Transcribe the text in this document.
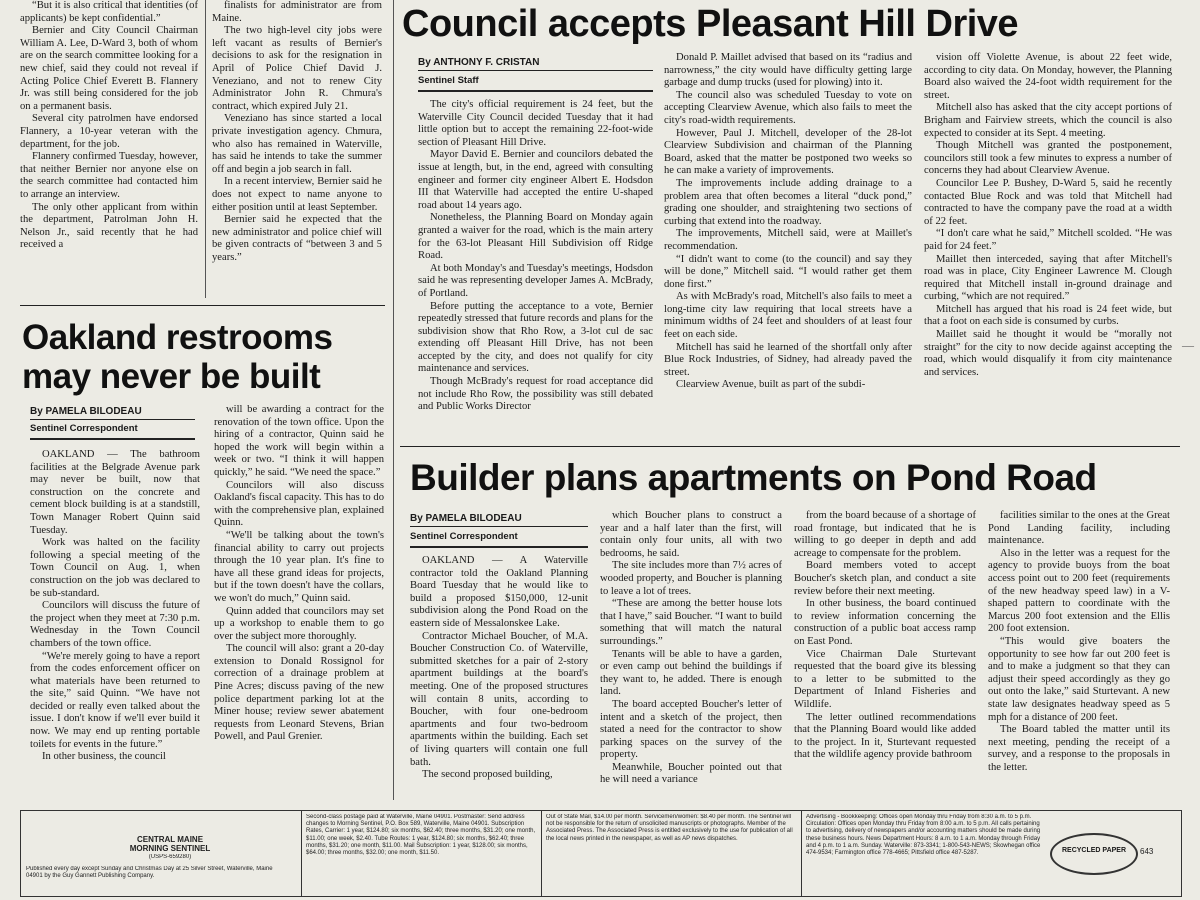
“But it is also critical that identities (of applicants) be kept confidential.”

Bernier and City Council Chairman William A. Lee, D-Ward 3, both of whom are on the search committee looking for a new chief, said they could not reveal if Acting Police Chief Everett B. Flannery Jr. was still being considered for the job on a permanent basis.

Several city patrolmen have endorsed Flannery, a 10-year veteran with the department, for the job.

Flannery confirmed Tuesday, however, that neither Bernier nor anyone else on the search committee had contacted him to arrange an interview.

The only other applicant from within the department, Patrolman John H. Nelson Jr., said recently that he had received a

finalists for administrator are from Maine.

The two high-level city jobs were left vacant as results of Bernier's decisions to ask for the resignation in April of Police Chief David J. Veneziano, and not to renew City Administrator John R. Chmura's contract, which expired July 21.

Veneziano has since started a local private investigation agency. Chmura, who also has remained in Waterville, has said he intends to take the summer off and begin a job search in fall.

In a recent interview, Bernier said he does not expect to name anyone to either position until at least September.

Bernier said he expected that the new administrator and police chief will be given contracts of “between 3 and 5 years.”

Oakland restrooms
may never be built
By PAMELA BILODEAU
Sentinel Correspondent

OAKLAND — The bathroom facilities at the Belgrade Avenue park may never be built, now that construction on the concrete and cement block building is at a standstill, Town Manager Robert Quinn said Tuesday.

Work was halted on the facility following a special meeting of the Town Council on Aug. 1, when construction on the job was declared to be sub-standard.

Councilors will discuss the future of the project when they meet at 7:30 p.m. Wednesday in the Town Council chambers of the town office.

“We're merely going to have a report from the codes enforcement officer on what materials have been returned to the site,” said Quinn. “We have not decided or really even talked about the issue. I don't know if we'll ever build it now. We may end up renting portable toilets for events in the future.”

In other business, the council

will be awarding a contract for the renovation of the town office. Upon the hiring of a contractor, Quinn said he hoped the work will begin within a week or two. “I think it will happen quickly,” he said. “We need the space.”

Councilors will also discuss Oakland's fiscal capacity. This has to do with the comprehensive plan, explained Quinn.

“We'll be talking about the town's financial ability to carry out projects through the 10 year plan. It's fine to have all these grand ideas for projects, but if the town doesn't have the collars, we won't do much,” Quinn said.

Quinn added that councilors may set up a workshop to enable them to go over the subject more thoroughly.

The council will also: grant a 20-day extension to Donald Rossignol for correction of a drainage problem at Pine Acres; discuss paving of the new police department parking lot at the Miner house; review sewer abatement requests from Leonard Stevens, Brian Powell, and Paul Grenier.

Council accepts Pleasant Hill Drive
By ANTHONY F. CRISTAN
Sentinel Staff

The city's official requirement is 24 feet, but the Waterville City Council decided Tuesday that it had little option but to accept the remaining 22-foot-wide section of Pleasant Hill Drive.

Mayor David E. Bernier and councilors debated the issue at length, but, in the end, agreed with consulting engineer and former city engineer Albert E. Hodsdon III that Waterville had accepted the entire U-shaped road about 14 years ago.

Nonetheless, the Planning Board on Monday again granted a waiver for the road, which is the main artery for the 63-lot Pleasant Hill Subdivision off Ridge Road.

At both Monday's and Tuesday's meetings, Hodsdon said he was representing developer James A. McBrady, of Portland.

Before putting the acceptance to a vote, Bernier repeatedly stressed that future records and plans for the subdivision show that Rho Row, a 3-lot cul de sac extending off Pleasant Hill Drive, has not been accepted by the city, and does not qualify for city maintenance and services.

Though McBrady's request for road acceptance did not include Rho Row, the possibility was still debated and Public Works Director

Donald P. Maillet advised that based on its “radius and narrowness,” the city would have difficulty getting large garbage and dump trucks (used for plowing) into it.

The council also was scheduled Tuesday to vote on accepting Clearview Avenue, which also fails to meet the city's road-width requirements.

However, Paul J. Mitchell, developer of the 28-lot Clearview Subdivision and chairman of the Planning Board, asked that the matter be postponed two weeks so he can make a variety of improvements.

The improvements include adding drainage to a problem area that often becomes a literal “duck pond,” grading one shoulder, and straightening two sections of curbing that extend into the roadway.

The improvements, Mitchell said, were at Maillet's recommendation.

“I didn't want to come (to the council) and say they will be done,” Mitchell said. “I would rather get them done first.”

As with McBrady's road, Mitchell's also fails to meet a long-time city law requiring that local streets have a minimum widths of 24 feet and shoulders of at least four feet on each side.

Mitchell has said he learned of the shortfall only after Blue Rock Industries, of Sidney, had already paved the street.

Clearview Avenue, built as part of the subdi-

vision off Violette Avenue, is about 22 feet wide, according to city data. On Monday, however, the Planning Board also waived the 24-foot width requirement for the street.

Mitchell also has asked that the city accept portions of Brigham and Fairview streets, which the council is also expected to consider at its Sept. 4 meeting.

Though Mitchell was granted the postponement, councilors still took a few minutes to express a number of concerns they had about Clearview Avenue.

Councilor Lee P. Bushey, D-Ward 5, said he recently contacted Blue Rock and was told that Mitchell had contracted to have the company pave the road at a width of 22 feet.

“I don't care what he said,” Mitchell scolded. “He was paid for 24 feet.”

Maillet then interceded, saying that after Mitchell's road was in place, City Engineer Lawrence M. Clough required that Mitchell install in-ground drainage and curbing, “which are not required.”

Mitchell has argued that his road is 24 feet wide, but that a foot on each side is consumed by curbs.

Maillet said he thought it would be “morally not straight” for the city to now decide against accepting the road, which would disqualify it from city maintenance and services.

—
Builder plans apartments on Pond Road
By PAMELA BILODEAU
Sentinel Correspondent

OAKLAND — A Waterville contractor told the Oakland Planning Board Tuesday that he would like to build a proposed $150,000, 12-unit subdivision along the Pond Road on the eastern side of Messalonskee Lake.

Contractor Michael Boucher, of M.A. Boucher Construction Co. of Waterville, submitted sketches for a pair of 2-story apartment buildings at the board's meeting. One of the proposed structures will contain 8 units, according to Boucher, with four one-bedroom apartments and four two-bedroom apartments within the building. Each set of living quarters will contain one full bath.

The second proposed building,

which Boucher plans to construct a year and a half later than the first, will contain only four units, all with two bedrooms, he said.

The site includes more than 7½ acres of wooded property, and Boucher is planning to leave a lot of trees.

“These are among the better house lots that I have,” said Boucher. “I want to build something that will match the natural surroundings.”

Tenants will be able to have a garden, or even camp out behind the buildings if they want to, he added. There is enough land.

The board accepted Boucher's letter of intent and a sketch of the project, then stated a need for the contractor to show parking spaces on the survey of the property.

Meanwhile, Boucher pointed out that he will need a variance

from the board because of a shortage of road frontage, but indicated that he is willing to go deeper in depth and add acreage to compensate for the problem.

Board members voted to accept Boucher's sketch plan, and conduct a site review before their next meeting.

In other business, the board continued to review information concerning the construction of a public boat access ramp on East Pond.

Vice Chairman Dale Sturtevant requested that the board give its blessing to a letter to be submitted to the Department of Inland Fisheries and Wildlife.

The letter outlined recommendations that the Planning Board would like added to the project. In it, Sturtevant requested that the wildlife agency provide bathroom

facilities similar to the ones at the Great Pond Landing facility, including maintenance.

Also in the letter was a request for the agency to provide buoys from the boat access point out to 200 feet (requirements of the new headway speed law) in a V-shaped pattern to coordinate with the Marcus 200 foot extension and the Ellis 200 foot extension.

“This would give boaters the opportunity to see how far out 200 feet is and to make a judgment so that they can adjust their speed accordingly as they go out onto the lake,” said Sturtevant. A new state law designates headway speed as 5 mph for a distance of 200 feet.

The Board tabled the matter until its next meeting, pending the receipt of a survey, and a response to the proposals in the letter.

CENTRAL MAINE
MORNING SENTINEL
(USPS-659280)
Published every day except Sunday and Christmas Day at 25 Silver Street, Waterville, Maine 04901 by the Guy Gannett Publishing Company.
Second-class postage paid at Waterville, Maine 04901. Postmaster: Send address changes to Morning Sentinel, P.O. Box 589, Waterville, Maine 04901. Subscription Rates, Carrier: 1 year, $124.80; six months, $62.40; three months, $31.20; one month, $11.00; one week, $2.40. Tube Routes: 1 year, $124.80; six months, $62.40; three months, $31.20; one month, $11.00. Mail Subscription: 1 year, $128.00; six months, $64.00; three months, $32.00; one month, $11.50.
Out of State Mail, $14.00 per month. Servicemen/women: $8.40 per month. The Sentinel will not be responsible for the return of unsolicited manuscripts or photographs. Member of the Associated Press. The Associated Press is entitled exclusively to the use for publication of all the local news printed in the newspaper, as well as AP news dispatches.
Advertising - Bookkeeping: Offices open Monday thru Friday from 8:30 a.m. to 5 p.m. Circulation: Offices open Monday thru Friday from 8:00 a.m. to 5 p.m. All calls pertaining to advertising, delivery of newspapers and/or accounting matters should be made during these business hours. News Department Hours: 8 a.m. to 1 a.m. Monday through Friday and 4 p.m. to 1 a.m. Sunday. Waterville: 873-3341; 1-800-543-NEWS; Skowhegan office 474-9534; Farmington office 778-4665; Pittsfield office 487-5287.	RECYCLED PAPER	643
